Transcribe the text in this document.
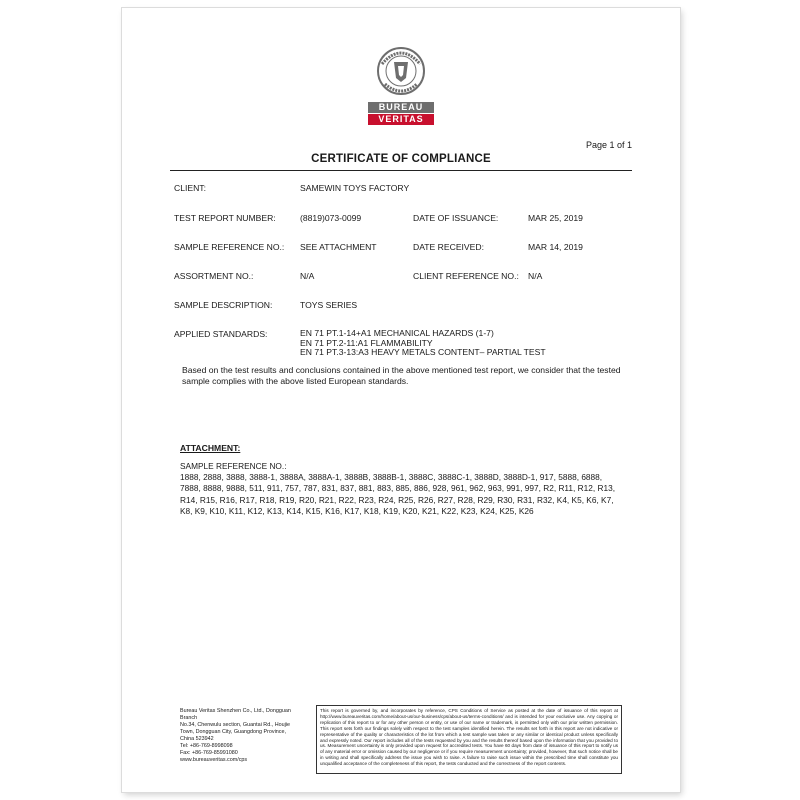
BUREAU
VERITAS
Page 1 of 1
CERTIFICATE OF COMPLIANCE
CLIENT:	SAMEWIN TOYS FACTORY
TEST REPORT NUMBER:	(8819)073-0099	DATE OF ISSUANCE:	MAR 25, 2019
SAMPLE REFERENCE NO.: SEE ATTACHMENT	DATE RECEIVED:	MAR 14, 2019
ASSORTMENT NO.:	N/A	CLIENT REFERENCE NO.: N/A
SAMPLE DESCRIPTION:	TOYS SERIES
APPLIED STANDARDS:	EN 71 PT.1-14+A1 MECHANICAL HAZARDS (1-7)
EN 71 PT.2-11:A1 FLAMMABILITY
EN 71 PT.3-13:A3 HEAVY METALS CONTENT– PARTIAL TEST
Based on the test results and conclusions contained in the above mentioned test report, we consider that the tested sample complies with the above listed European standards.
ATTACHMENT:
SAMPLE REFERENCE NO.:
1888, 2888, 3888, 3888-1, 3888A, 3888A-1, 3888B, 3888B-1, 3888C, 3888C-1, 3888D, 3888D-1, 917, 5888, 6888, 7888, 8888, 9888, 511, 911, 757, 787, 831, 837, 881, 883, 885, 886, 928, 961, 962, 963, 991, 997, R2, R11, R12, R13, R14, R15, R16, R17, R18, R19, R20, R21, R22, R23, R24, R25, R26, R27, R28, R29, R30, R31, R32, K4, K5, K6, K7, K8, K9, K10, K11, K12, K13, K14, K15, K16, K17, K18, K19, K20, K21, K22, K23, K24, K25, K26
Bureau Veritas Shenzhen Co., Ltd., Dongguan
Branch
No.34, Chenwulu section, Guantai Rd., Houjie
Town, Dongguan City, Guangdong Province,
China 523942
Tel: +86-769-8998098
Fax: +86-769-85991080
www.bureauveritas.com/cps
This report is governed by, and incorporates by reference, CPS Conditions of Service as posted at the date of issuance of this report at http://www.bureauveritas.com/home/about-us/our-business/cps/about-us/terms-conditions/ and is intended for your exclusive use. Any copying or replication of this report to or for any other person or entity, or use of our name or trademark, is permitted only with our prior written permission. This report sets forth our findings solely with respect to the test samples identified herein. The results set forth in this report are not indicative or representative of the quality or characteristics of the lot from which a test sample was taken or any similar or identical product unless specifically and expressly noted. Our report includes all of the tests requested by you and the results thereof based upon the information that you provided to us. Measurement uncertainty is only provided upon request for accredited tests. You have 60 days from date of issuance of this report to notify us of any material error or omission caused by our negligence or if you require measurement uncertainty; provided, however, that such notice shall be in writing and shall specifically address the issue you wish to raise. A failure to raise such issue within the prescribed time shall constitute you unqualified acceptance of the completeness of this report, the tests conducted and the correctness of the report contents.
